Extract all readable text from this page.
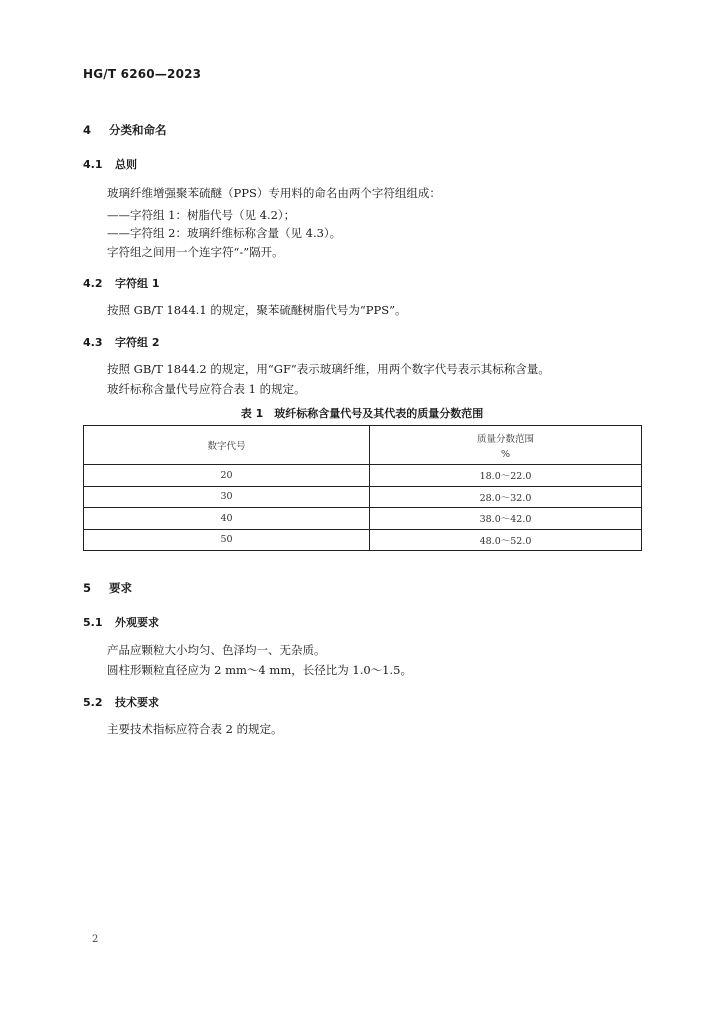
HG/T 6260—2023
4 分类和命名
4.1 总则
玻璃纤维增强聚苯硫醚（PPS）专用料的命名由两个字符组组成：
——字符组 1：树脂代号（见 4.2）；
——字符组 2：玻璃纤维标称含量（见 4.3）。
字符组之间用一个连字符“-”隔开。
4.2 字符组 1
按照 GB/T 1844.1 的规定，聚苯硫醚树脂代号为“PPS”。
4.3 字符组 2
按照 GB/T 1844.2 的规定，用“GF”表示玻璃纤维，用两个数字代号表示其标称含量。
玻纤标称含量代号应符合表 1 的规定。
表 1　玻纤标称含量代号及其代表的质量分数范围
数字代号	质量分数范围
%

20	18.0～22.0
30	28.0～32.0
40	38.0～42.0
50	48.0～52.0
5 要求
5.1 外观要求
产品应颗粒大小均匀、色泽均一、无杂质。
圆柱形颗粒直径应为 2 mm～4 mm，长径比为 1.0～1.5。
5.2 技术要求
主要技术指标应符合表 2 的规定。
2
